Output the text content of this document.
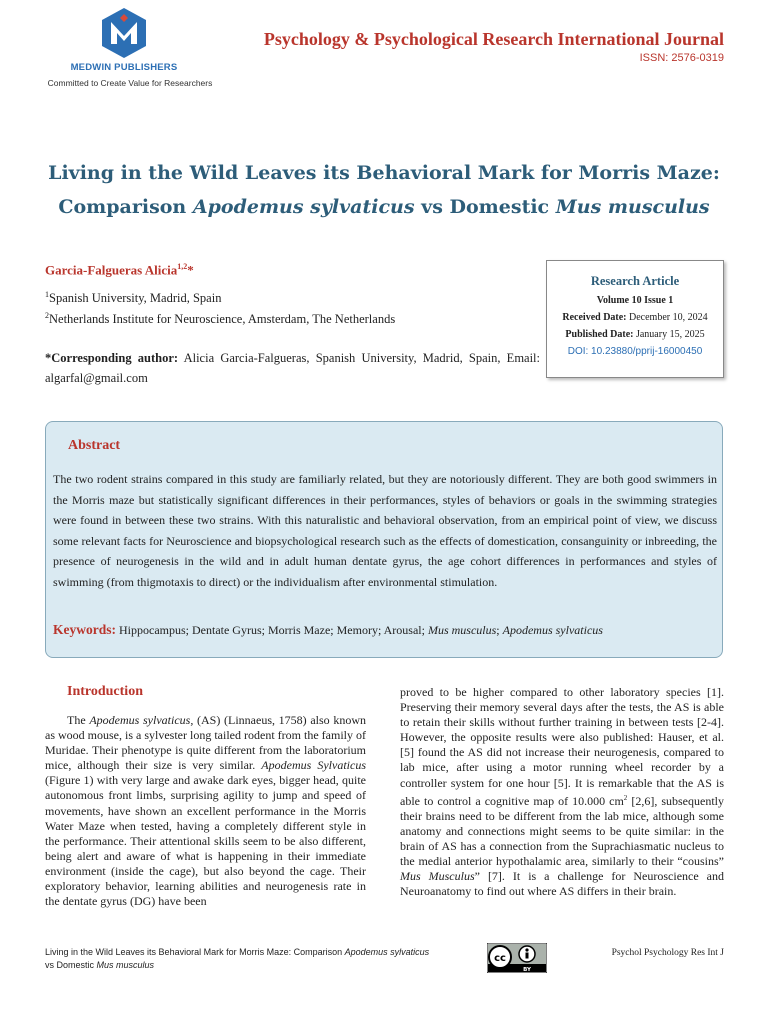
MEDWIN PUBLISHERS
Committed to Create Value for Researchers
Psychology & Psychological Research International Journal
ISSN: 2576-0319
Living in the Wild Leaves its Behavioral Mark for Morris Maze:
Comparison Apodemus sylvaticus vs Domestic Mus musculus
Garcia-Falgueras Alicia$^{1,2}$*
$^1$Spanish University, Madrid, Spain
$^2$Netherlands Institute for Neuroscience, Amsterdam, The Netherlands
*Corresponding author: Alicia Garcia-Falgueras, Spanish University, Madrid, Spain, Email: algarfal@gmail.com
Research Article
Volume 10 Issue 1
Received Date: December 10, 2024
Published Date: January 15, 2025
DOI: 10.23880/pprij-16000450
Abstract
The two rodent strains compared in this study are familiarly related, but they are notoriously different. They are both good swimmers in the Morris maze but statistically significant differences in their performances, styles of behaviors or goals in the swimming strategies were found in between these two strains. With this naturalistic and behavioral observation, from an empirical point of view, we discuss some relevant facts for Neuroscience and biopsychological research such as the effects of domestication, consanguinity or inbreeding, the presence of neurogenesis in the wild and in adult human dentate gyrus, the age cohort differences in performances and styles of swimming (from thigmotaxis to direct) or the individualism after environmental stimulation.
Keywords: Hippocampus; Dentate Gyrus; Morris Maze; Memory; Arousal; Mus musculus; Apodemus sylvaticus
Introduction
The Apodemus sylvaticus, (AS) (Linnaeus, 1758) also known as wood mouse, is a sylvester long tailed rodent from the family of Muridae. Their phenotype is quite different from the laboratorium mice, although their size is very similar. Apodemus Sylvaticus (Figure 1) with very large and awake dark eyes, bigger head, quite autonomous front limbs, surprising agility to jump and speed of movements, have shown an excellent performance in the Morris Water Maze when tested, having a completely different style in the performance. Their attentional skills seem to be also different, being alert and aware of what is happening in their immediate environment (inside the cage), but also beyond the cage. Their exploratory behavior, learning abilities and neurogenesis rate in the dentate gyrus (DG) have been
proved to be higher compared to other laboratory species [1]. Preserving their memory several days after the tests, the AS is able to retain their skills without further training in between tests [2-4]. However, the opposite results were also published: Hauser, et al. [5] found the AS did not increase their neurogenesis, compared to lab mice, after using a motor running wheel recorder by a controller system for one hour [5]. It is remarkable that the AS is able to control a cognitive map of 10.000 $cm^2$ [2,6], subsequently their brains need to be different from the lab mice, although some anatomy and connections might seems to be quite similar: in the brain of AS has a connection from the Suprachiasmatic nucleus to the medial anterior hypothalamic area, similarly to their “cousins” Mus Musculus” [7]. It is a challenge for Neuroscience and Neuroanatomy to find out where AS differs in their brain.
Living in the Wild Leaves its Behavioral Mark for Morris Maze: Comparison Apodemus sylvaticus
vs Domestic Mus musculus
cc
BY
Psychol Psychology Res Int J
